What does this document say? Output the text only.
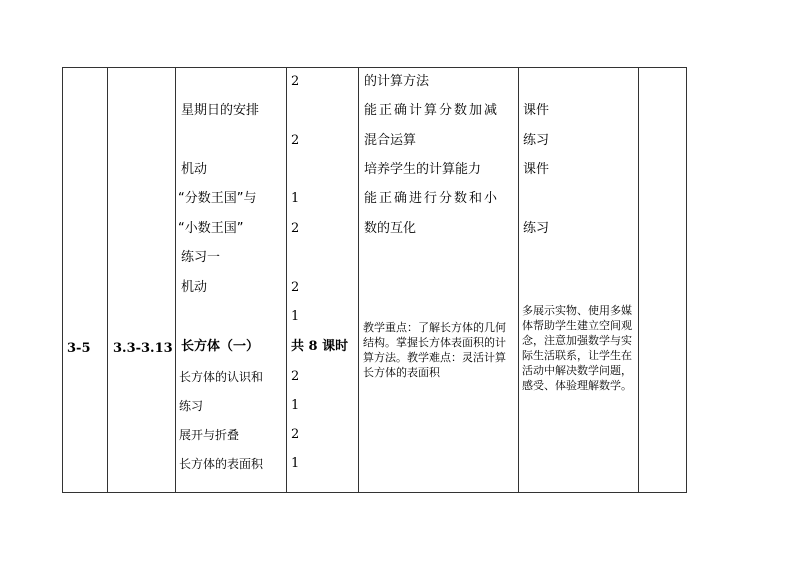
3-5 3.3-3.13
星期日的安排
机动
“分数王国”与
“小数王国”
练习一
机动
长方体（一）
长方体的认识和
练习
展开与折叠
长方体的表面积
2
2
1
2
2
1
共 8 课时
2
1
2
1
的计算方法
能正确计算分数加减
混合运算
培养学生的计算能力
能正确进行分数和小
数的互化
教学重点：了解长方体的几何结构。掌握长方体表面积的计算方法。教学难点：灵活计算长方体的表面积
课件
练习
课件
练习
多展示实物、使用多媒体帮助学生建立空间观念，注意加强数学与实际生活联系，让学生在活动中解决数学问题，感受、体验理解数学。
